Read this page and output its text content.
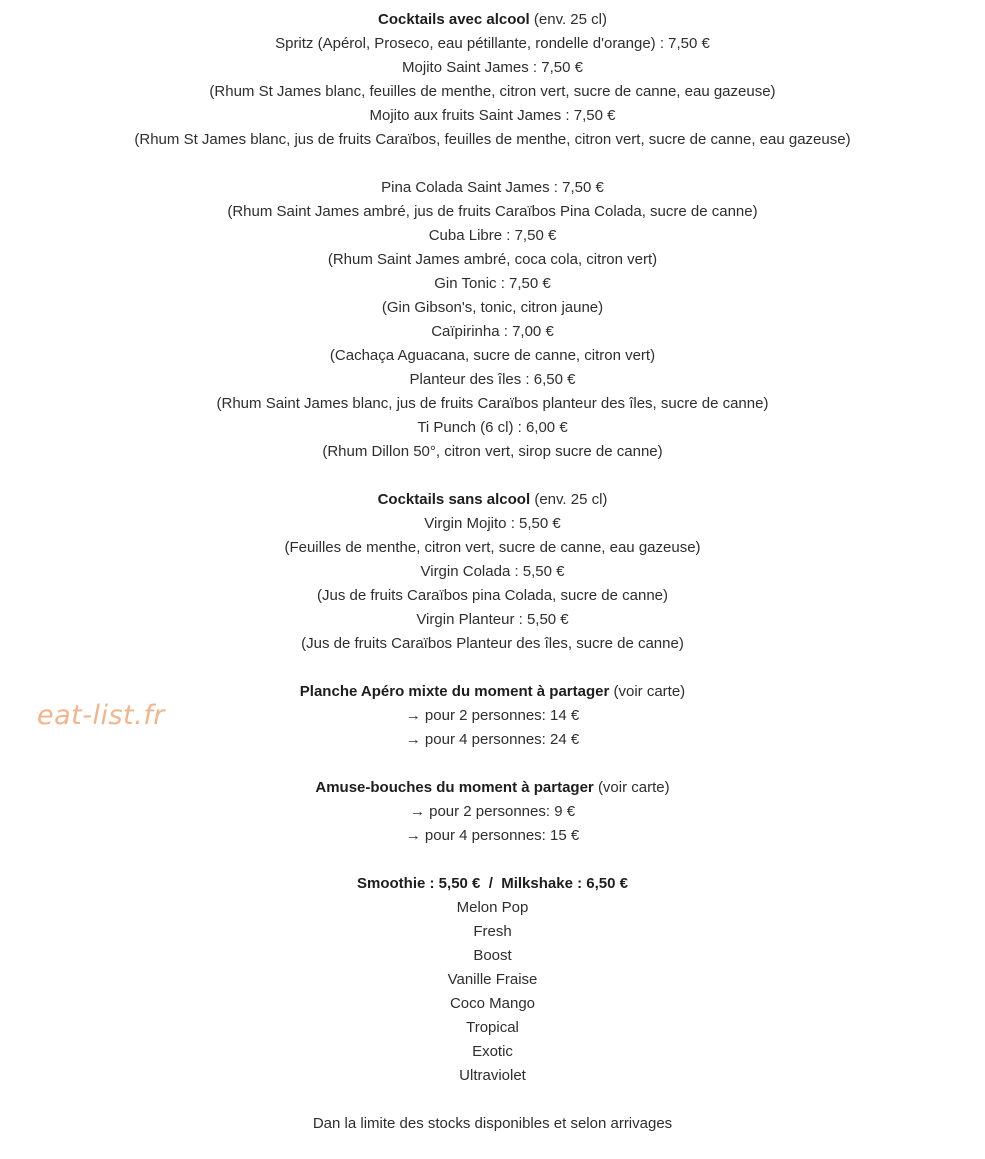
eat-list.fr
Cocktails avec alcool (env. 25 cl)
Spritz (Apérol, Proseco, eau pétillante, rondelle d'orange) : 7,50 €
Mojito Saint James : 7,50 €
(Rhum St James blanc, feuilles de menthe, citron vert, sucre de canne, eau gazeuse)
Mojito aux fruits Saint James : 7,50 €
(Rhum St James blanc, jus de fruits Caraïbos, feuilles de menthe, citron vert, sucre de canne, eau gazeuse)
Pina Colada Saint James : 7,50 €
(Rhum Saint James ambré, jus de fruits Caraïbos Pina Colada, sucre de canne)
Cuba Libre : 7,50 €
(Rhum Saint James ambré, coca cola, citron vert)
Gin Tonic : 7,50 €
(Gin Gibson's, tonic, citron jaune)
Caïpirinha : 7,00 €
(Cachaça Aguacana, sucre de canne, citron vert)
Planteur des îles : 6,50 €
(Rhum Saint James blanc, jus de fruits Caraïbos planteur des îles, sucre de canne)
Ti Punch (6 cl) : 6,00 €
(Rhum Dillon 50°, citron vert, sirop sucre de canne)
Cocktails sans alcool (env. 25 cl)
Virgin Mojito : 5,50 €
(Feuilles de menthe, citron vert, sucre de canne, eau gazeuse)
Virgin Colada : 5,50 €
(Jus de fruits Caraïbos pina Colada, sucre de canne)
Virgin Planteur : 5,50 €
(Jus de fruits Caraïbos Planteur des îles, sucre de canne)
Planche Apéro mixte du moment à partager (voir carte)
→ pour 2 personnes: 14 €
→ pour 4 personnes: 24 €
Amuse-bouches du moment à partager (voir carte)
→ pour 2 personnes: 9 €
→ pour 4 personnes: 15 €
Smoothie : 5,50 €  /  Milkshake : 6,50 €
Melon Pop
Fresh
Boost
Vanille Fraise
Coco Mango
Tropical
Exotic
Ultraviolet
Dan la limite des stocks disponibles et selon arrivages
